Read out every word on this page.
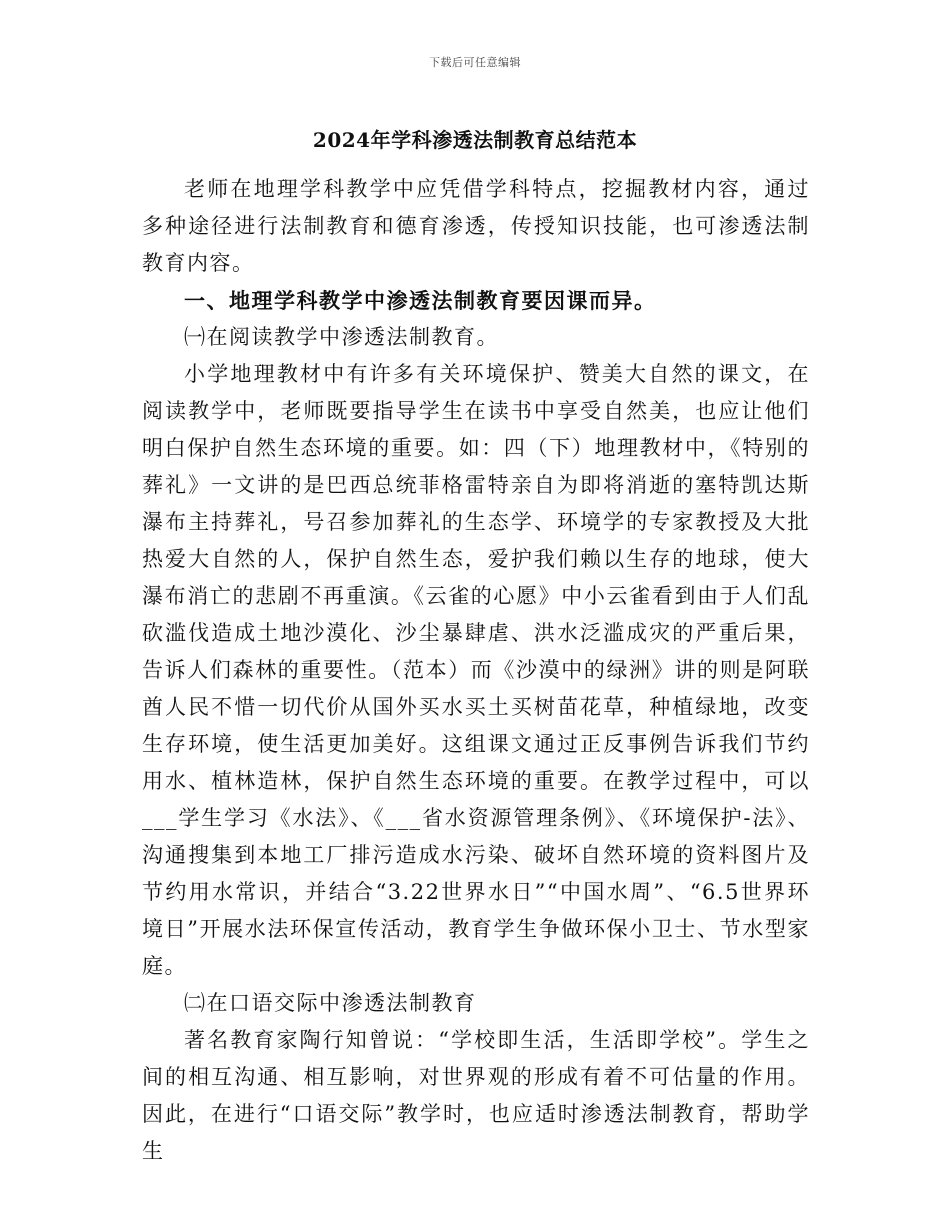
下载后可任意编辑
2024年学科渗透法制教育总结范本

老师在地理学科教学中应凭借学科特点，挖掘教材内容，通过多种途径进行法制教育和德育渗透，传授知识技能，也可渗透法制教育内容。

一、地理学科教学中渗透法制教育要因课而异。

㈠在阅读教学中渗透法制教育。

小学地理教材中有许多有关环境保护、赞美大自然的课文，在阅读教学中，老师既要指导学生在读书中享受自然美，也应让他们明白保护自然生态环境的重要。如：四（下）地理教材中，《特别的葬礼》一文讲的是巴西总统菲格雷特亲自为即将消逝的塞特凯达斯瀑布主持葬礼，号召参加葬礼的生态学、环境学的专家教授及大批热爱大自然的人，保护自然生态，爱护我们赖以生存的地球，使大瀑布消亡的悲剧不再重演。《云雀的心愿》中小云雀看到由于人们乱砍滥伐造成土地沙漠化、沙尘暴肆虐、洪水泛滥成灾的严重后果，告诉人们森林的重要性。（范本）而《沙漠中的绿洲》讲的则是阿联酋人民不惜一切代价从国外买水买土买树苗花草，种植绿地，改变生存环境，使生活更加美好。这组课文通过正反事例告诉我们节约用水、植林造林，保护自然生态环境的重要。在教学过程中，可以___学生学习《水法》、《___省水资源管理条例》、《环境保护-法》、沟通搜集到本地工厂排污造成水污染、破坏自然环境的资料图片及节约用水常识，并结合“3.22世界水日”“中国水周”、“6.5世界环境日”开展水法环保宣传活动，教育学生争做环保小卫士、节水型家庭。

㈡在口语交际中渗透法制教育

著名教育家陶行知曾说：“学校即生活，生活即学校”。学生之间的相互沟通、相互影响，对世界观的形成有着不可估量的作用。因此，在进行“口语交际”教学时，也应适时渗透法制教育，帮助学生
